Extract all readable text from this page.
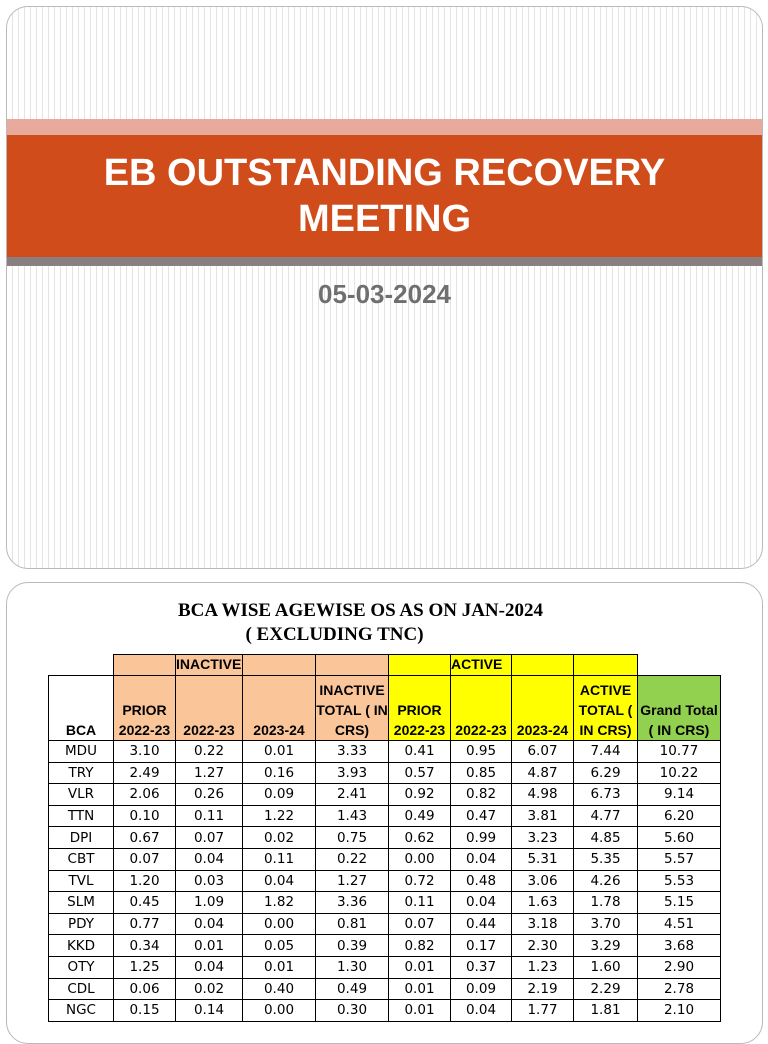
EB OUTSTANDING RECOVERY MEETING
05-03-2024
BCA WISE AGEWISE OS AS ON JAN-2024
( EXCLUDING TNC)
		INACTIVE				ACTIVE			
BCA	PRIOR 2022-23	2022-23	2023-24	INACTIVE TOTAL ( IN CRS)	PRIOR 2022-23	2022-23	2023-24	ACTIVE TOTAL ( IN CRS)	Grand Total ( IN CRS)
MDU	3.10	0.22	0.01	3.33	0.41	0.95	6.07	7.44	10.77
TRY	2.49	1.27	0.16	3.93	0.57	0.85	4.87	6.29	10.22
VLR	2.06	0.26	0.09	2.41	0.92	0.82	4.98	6.73	9.14
TTN	0.10	0.11	1.22	1.43	0.49	0.47	3.81	4.77	6.20
DPI	0.67	0.07	0.02	0.75	0.62	0.99	3.23	4.85	5.60
CBT	0.07	0.04	0.11	0.22	0.00	0.04	5.31	5.35	5.57
TVL	1.20	0.03	0.04	1.27	0.72	0.48	3.06	4.26	5.53
SLM	0.45	1.09	1.82	3.36	0.11	0.04	1.63	1.78	5.15
PDY	0.77	0.04	0.00	0.81	0.07	0.44	3.18	3.70	4.51
KKD	0.34	0.01	0.05	0.39	0.82	0.17	2.30	3.29	3.68
OTY	1.25	0.04	0.01	1.30	0.01	0.37	1.23	1.60	2.90
CDL	0.06	0.02	0.40	0.49	0.01	0.09	2.19	2.29	2.78
NGC	0.15	0.14	0.00	0.30	0.01	0.04	1.77	1.81	2.10
